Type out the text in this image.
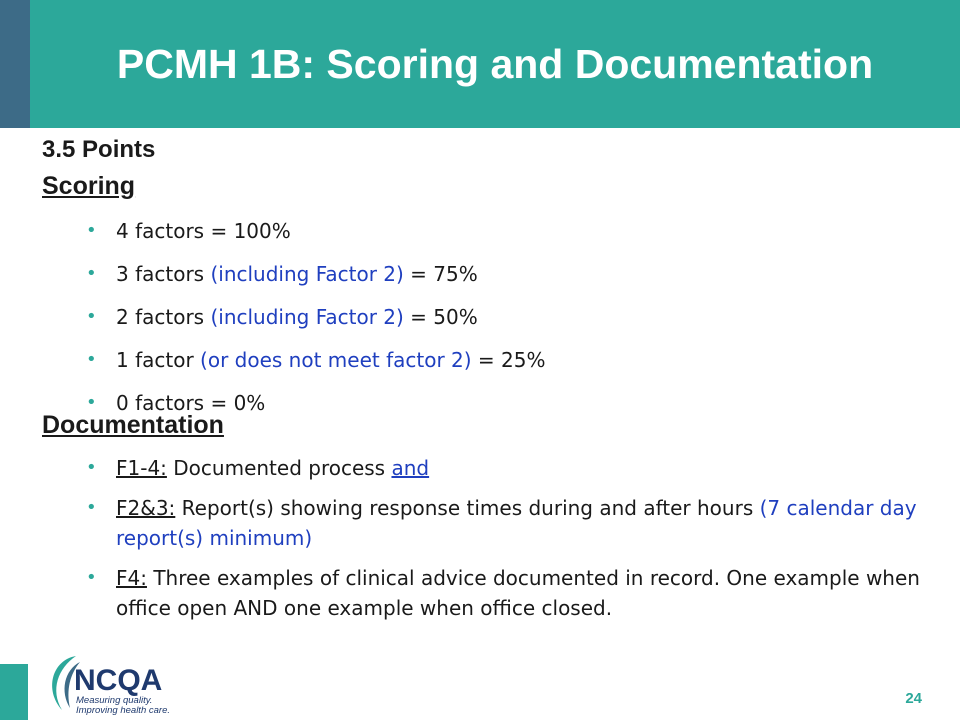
PCMH 1B: Scoring and Documentation
3.5 Points
Scoring
• 4 factors = 100%
• 3 factors (including Factor 2) = 75%
• 2 factors (including Factor 2) = 50%
• 1 factor (or does not meet factor 2) = 25%
• 0 factors = 0%
Documentation
• F1-4: Documented process and
• F2&3: Report(s) showing response times during and after hours (7 calendar day report(s) minimum)
• F4: Three examples of clinical advice documented in record. One example when office open AND one example when office closed.
NCQA
Measuring quality.
Improving health care.
24
